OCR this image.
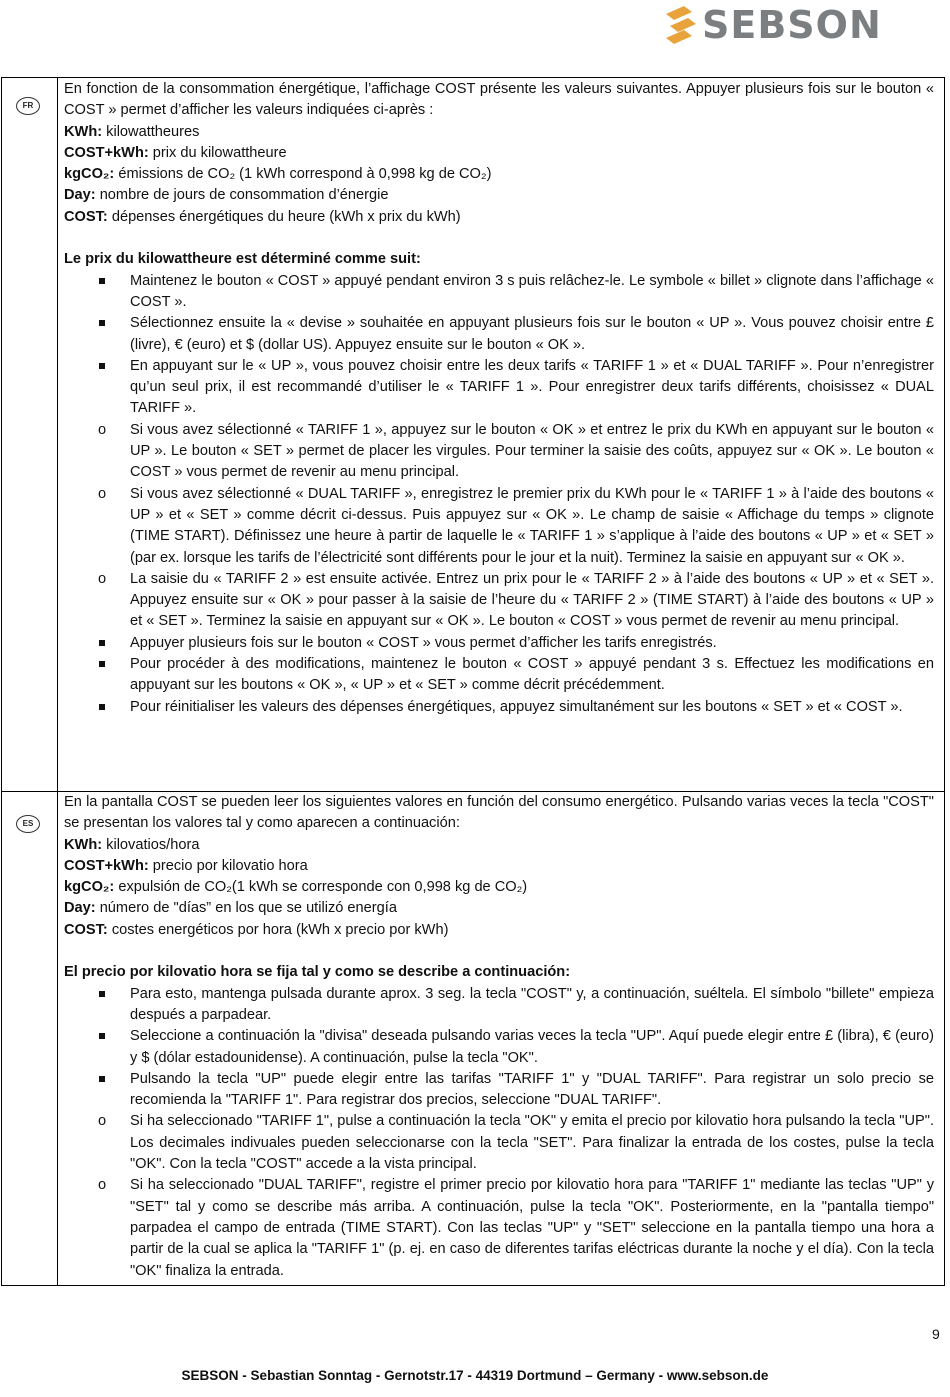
SEBSON
FR
ES

En fonction de la consommation énergétique, l’affichage COST présente les valeurs suivantes. Appuyer plusieurs fois sur le bouton « COST » permet d’afficher les valeurs indiquées ci-après :

KWh: kilowattheures

COST+kWh: prix du kilowattheure

kgCO₂: émissions de CO₂ (1 kWh correspond à 0,998 kg de CO₂)

Day: nombre de jours de consommation d’énergie

COST: dépenses énergétiques du heure (kWh x prix du kWh)

Le prix du kilowattheure est déterminé comme suit:

Maintenez le bouton « COST » appuyé pendant environ 3 s puis relâchez-le. Le symbole « billet » clignote dans l’affichage « COST ».
Sélectionnez ensuite la « devise » souhaitée en appuyant plusieurs fois sur le bouton « UP ». Vous pouvez choisir entre £ (livre), € (euro) et $ (dollar US). Appuyez ensuite sur le bouton « OK ».
En appuyant sur le « UP », vous pouvez choisir entre les deux tarifs « TARIFF 1 » et « DUAL TARIFF ». Pour n’enregistrer qu’un seul prix, il est recommandé d’utiliser le « TARIFF 1 ». Pour enregistrer deux tarifs différents, choisissez « DUAL TARIFF ».
o Si vous avez sélectionné « TARIFF 1 », appuyez sur le bouton « OK » et entrez le prix du KWh en appuyant sur le bouton « UP ». Le bouton « SET » permet de placer les virgules. Pour terminer la saisie des coûts, appuyez sur « OK ». Le bouton « COST » vous permet de revenir au menu principal.
o Si vous avez sélectionné « DUAL TARIFF », enregistrez le premier prix du KWh pour le « TARIFF 1 » à l’aide des boutons « UP » et « SET » comme décrit ci-dessus. Puis appuyez sur « OK ». Le champ de saisie « Affichage du temps » clignote (TIME START). Définissez une heure à partir de laquelle le « TARIFF 1 » s’applique à l’aide des boutons « UP » et « SET » (par ex. lorsque les tarifs de l’électricité sont différents pour le jour et la nuit). Terminez la saisie en appuyant sur « OK ».
o La saisie du « TARIFF 2 » est ensuite activée. Entrez un prix pour le « TARIFF 2 » à l’aide des boutons « UP » et « SET ». Appuyez ensuite sur « OK » pour passer à la saisie de l’heure du « TARIFF 2 » (TIME START) à l’aide des boutons « UP » et « SET ». Terminez la saisie en appuyant sur « OK ». Le bouton « COST » vous permet de revenir au menu principal.
Appuyer plusieurs fois sur le bouton « COST » vous permet d’afficher les tarifs enregistrés.
Pour procéder à des modifications, maintenez le bouton « COST » appuyé pendant 3 s. Effectuez les modifications en appuyant sur les boutons « OK », « UP » et « SET » comme décrit précédemment.
Pour réinitialiser les valeurs des dépenses énergétiques, appuyez simultanément sur les boutons « SET » et « COST ».

En la pantalla COST se pueden leer los siguientes valores en función del consumo energético. Pulsando varias veces la tecla "COST" se presentan los valores tal y como aparecen a continuación:

KWh: kilovatios/hora

COST+kWh: precio por kilovatio hora

kgCO₂: expulsión de CO₂(1 kWh se corresponde con 0,998 kg de CO₂)

Day: número de "días” en los que se utilizó energía

COST: costes energéticos por hora (kWh x precio por kWh)

El precio por kilovatio hora se fija tal y como se describe a continuación:

Para esto, mantenga pulsada durante aprox. 3 seg. la tecla "COST" y, a continuación, suéltela. El símbolo "billete" empieza después a parpadear.
Seleccione a continuación la "divisa" deseada pulsando varias veces la tecla "UP". Aquí puede elegir entre £ (libra), € (euro) y $ (dólar estadounidense). A continuación, pulse la tecla "OK".
Pulsando la tecla "UP" puede elegir entre las tarifas "TARIFF 1" y "DUAL TARIFF". Para registrar un solo precio se recomienda la "TARIFF 1". Para registrar dos precios, seleccione "DUAL TARIFF".
o Si ha seleccionado "TARIFF 1", pulse a continuación la tecla "OK" y emita el precio por kilovatio hora pulsando la tecla "UP". Los decimales indivuales pueden seleccionarse con la tecla "SET". Para finalizar la entrada de los costes, pulse la tecla "OK". Con la tecla "COST" accede a la vista principal.
o Si ha seleccionado "DUAL TARIFF", registre el primer precio por kilovatio hora para "TARIFF 1" mediante las teclas "UP" y "SET" tal y como se describe más arriba. A continuación, pulse la tecla "OK". Posteriormente, en la "pantalla tiempo" parpadea el campo de entrada (TIME START). Con las teclas "UP" y "SET" seleccione en la pantalla tiempo una hora a partir de la cual se aplica la "TARIFF 1" (p. ej. en caso de diferentes tarifas eléctricas durante la noche y el día). Con la tecla "OK" finaliza la entrada.
9
SEBSON - Sebastian Sonntag - Gernotstr.17 - 44319 Dortmund – Germany - www.sebson.de
